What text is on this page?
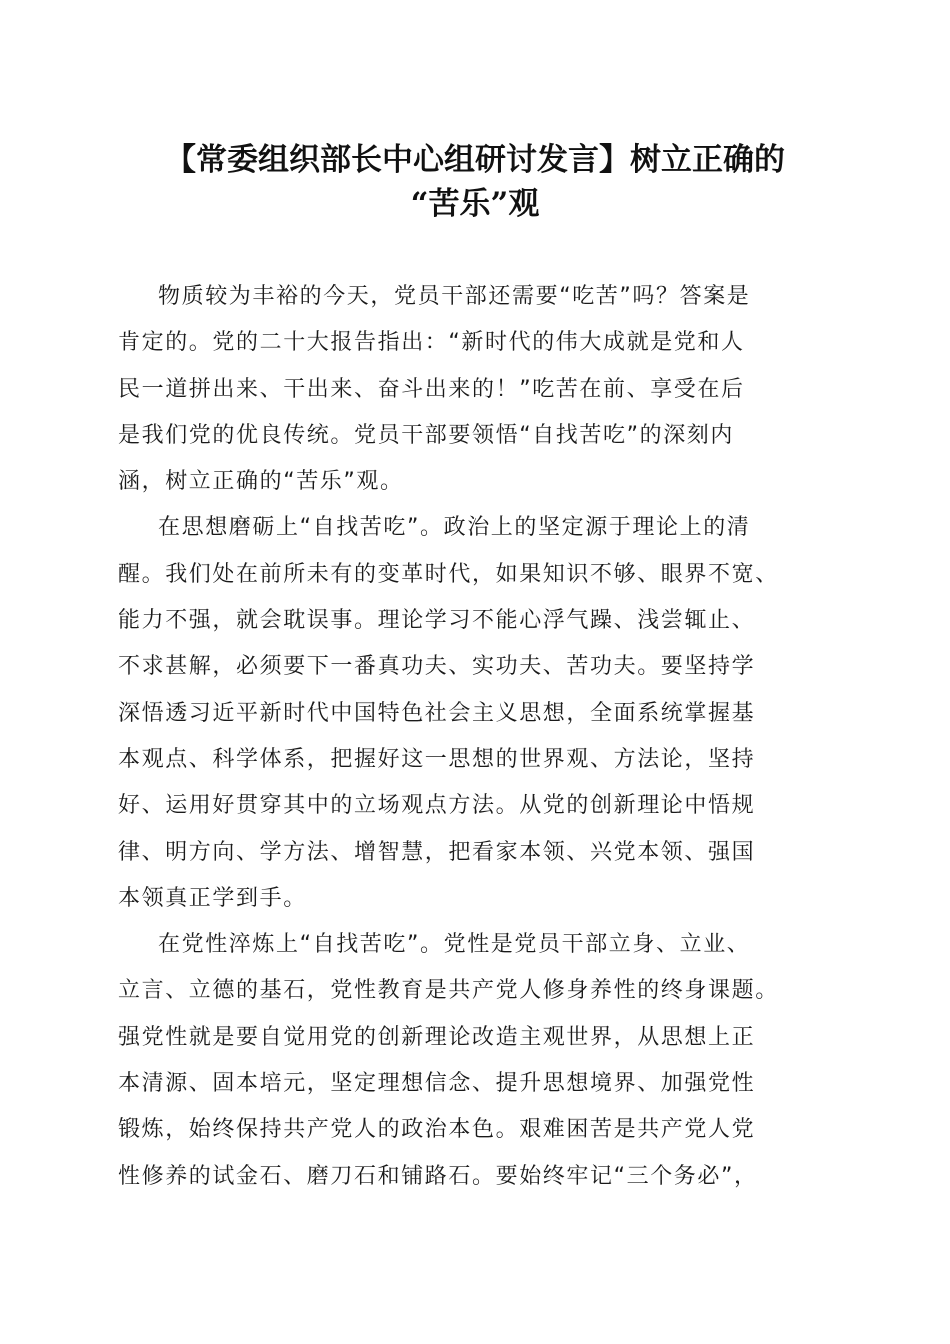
【常委组织部长中心组研讨发言】树立正确的
“苦乐”观
物质较为丰裕的今天，党员干部还需要“吃苦”吗？答案是
肯定的。党的二十大报告指出：“新时代的伟大成就是党和人
民一道拼出来、干出来、奋斗出来的！”吃苦在前、享受在后
是我们党的优良传统。党员干部要领悟“自找苦吃”的深刻内
涵，树立正确的“苦乐”观。
在思想磨砺上“自找苦吃”。政治上的坚定源于理论上的清
醒。我们处在前所未有的变革时代，如果知识不够、眼界不宽、
能力不强，就会耽误事。理论学习不能心浮气躁、浅尝辄止、
不求甚解，必须要下一番真功夫、实功夫、苦功夫。要坚持学
深悟透习近平新时代中国特色社会主义思想，全面系统掌握基
本观点、科学体系，把握好这一思想的世界观、方法论，坚持
好、运用好贯穿其中的立场观点方法。从党的创新理论中悟规
律、明方向、学方法、增智慧，把看家本领、兴党本领、强国
本领真正学到手。
在党性淬炼上“自找苦吃”。党性是党员干部立身、立业、
立言、立德的基石，党性教育是共产党人修身养性的终身课题。
强党性就是要自觉用党的创新理论改造主观世界，从思想上正
本清源、固本培元，坚定理想信念、提升思想境界、加强党性
锻炼，始终保持共产党人的政治本色。艰难困苦是共产党人党
性修养的试金石、磨刀石和铺路石。要始终牢记“三个务必”，
